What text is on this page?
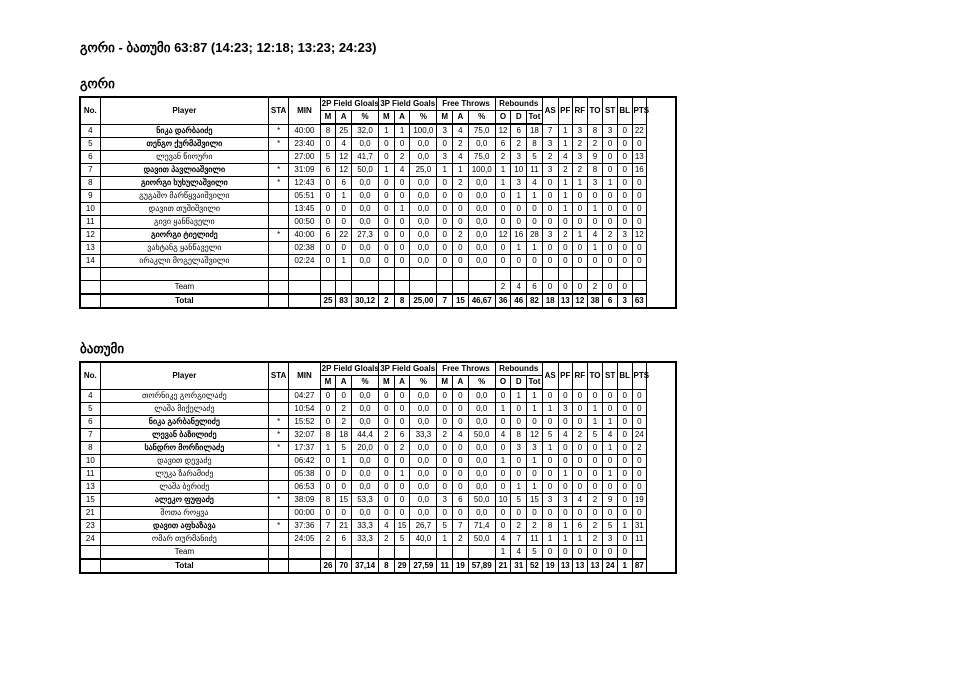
გორი - ბათუმი 63:87 (14:23; 12:18; 13:23; 24:23)
გორი
No.	Player	STA	MIN	2P Field Gloals			3P Field Goals			Free Throws			Rebounds			AS	PF	RF	TO	ST	BL	PTS
				M	A	%	M	A	%	M	A	%	O	D	Tot							
4	ნიკა დარბაიძე	*	40:00	8	25	32,0	1	1	100,0	3	4	75,0	12	6	18	7	1	3	8	3	0	22
5	თენგო ქურმაშვილი	*	23:40	0	4	0,0	0	0	0,0	0	2	0,0	6	2	8	3	1	2	2	0	0	0
6	ლევან წიოური		27:00	5	12	41,7	0	2	0,0	3	4	75,0	2	3	5	2	4	3	9	0	0	13
7	დავით პავლიაშვილი	*	31:09	6	12	50,0	1	4	25,0	1	1	100,0	1	10	11	3	2	2	8	0	0	16
8	გიორგი ხუხულაშვილი	*	12:43	0	6	0,0	0	0	0,0	0	2	0,0	1	3	4	0	1	1	3	1	0	0
9	გუგაშო მარწყვაიშვილი		05:51	0	1	0,0	0	0	0,0	0	0	0,0	0	1	1	0	1	0	0	0	0	0
10	დავით თუშიშვილი		13:45	0	0	0,0	0	1	0,0	0	0	0,0	0	0	0	0	1	0	1	0	0	0
11	გივი ყანწაველი		00:50	0	0	0,0	0	0	0,0	0	0	0,0	0	0	0	0	0	0	0	0	0	0
12	გიორგი ტიელიძე	*	40:00	6	22	27,3	0	0	0,0	0	2	0,0	12	16	28	3	2	1	4	2	3	12
13	ვახტანგ ყანწაველი		02:38	0	0	0,0	0	0	0,0	0	0	0,0	0	1	1	0	0	0	1	0	0	0
14	ირაკლი მოგელაშვილი		02:24	0	1	0,0	0	0	0,0	0	0	0,0	0	0	0	0	0	0	0	0	0	0

	Team												2	4	6	0	0	0	2	0	0	
	Total			25	83	30,12	2	8	25,00	7	15	46,67	36	46	82	18	13	12	38	6	3	63
ბათუმი
No.	Player	STA	MIN	2P Field Gloals			3P Field Goals			Free Throws			Rebounds			AS	PF	RF	TO	ST	BL	PTS
				M	A	%	M	A	%	M	A	%	O	D	Tot							
4	თორნიკე გორგილაძე		04:27	0	0	0,0	0	0	0,0	0	0	0,0	0	1	1	0	0	0	0	0	0	0
5	ლაშა მიქელაძე		10:54	0	2	0,0	0	0	0,0	0	0	0,0	1	0	1	1	3	0	1	0	0	0
6	ნიკა გარბანელიძე	*	15:52	0	2	0,0	0	0	0,0	0	0	0,0	0	0	0	0	0	0	1	1	0	0
7	ლევან ბაზილიძე	*	32:07	8	18	44,4	2	6	33,3	2	4	50,0	4	8	12	5	4	2	5	4	0	24
8	სანდრო მორჩილაძე	*	17:37	1	5	20,0	0	2	0,0	0	0	0,0	0	3	3	1	0	0	0	1	0	2
10	დავით დევაძე		06:42	0	1	0,0	0	0	0,0	0	0	0,0	1	0	1	0	0	0	0	0	0	0
11	ლუკა ზარამიძე		05:38	0	0	0,0	0	1	0,0	0	0	0,0	0	0	0	0	1	0	0	1	0	0
13	ლაშა ბერიძე		06:53	0	0	0,0	0	0	0,0	0	0	0,0	0	1	1	0	0	0	0	0	0	0
15	ალეკო ფუფაძე	*	38:09	8	15	53,3	0	0	0,0	3	6	50,0	10	5	15	3	3	4	2	9	0	19
21	შოთა როყვა		00:00	0	0	0,0	0	0	0,0	0	0	0,0	0	0	0	0	0	0	0	0	0	0
23	დავით აფხაზავა	*	37:36	7	21	33,3	4	15	26,7	5	7	71,4	0	2	2	8	1	6	2	5	1	31
24	ომარ თურმანიძე		24:05	2	6	33,3	2	5	40,0	1	2	50,0	4	7	11	1	1	1	2	3	0	11
	Team												1	4	5	0	0	0	0	0	0	
	Total			26	70	37,14	8	29	27,59	11	19	57,89	21	31	52	19	13	13	13	24	1	87
